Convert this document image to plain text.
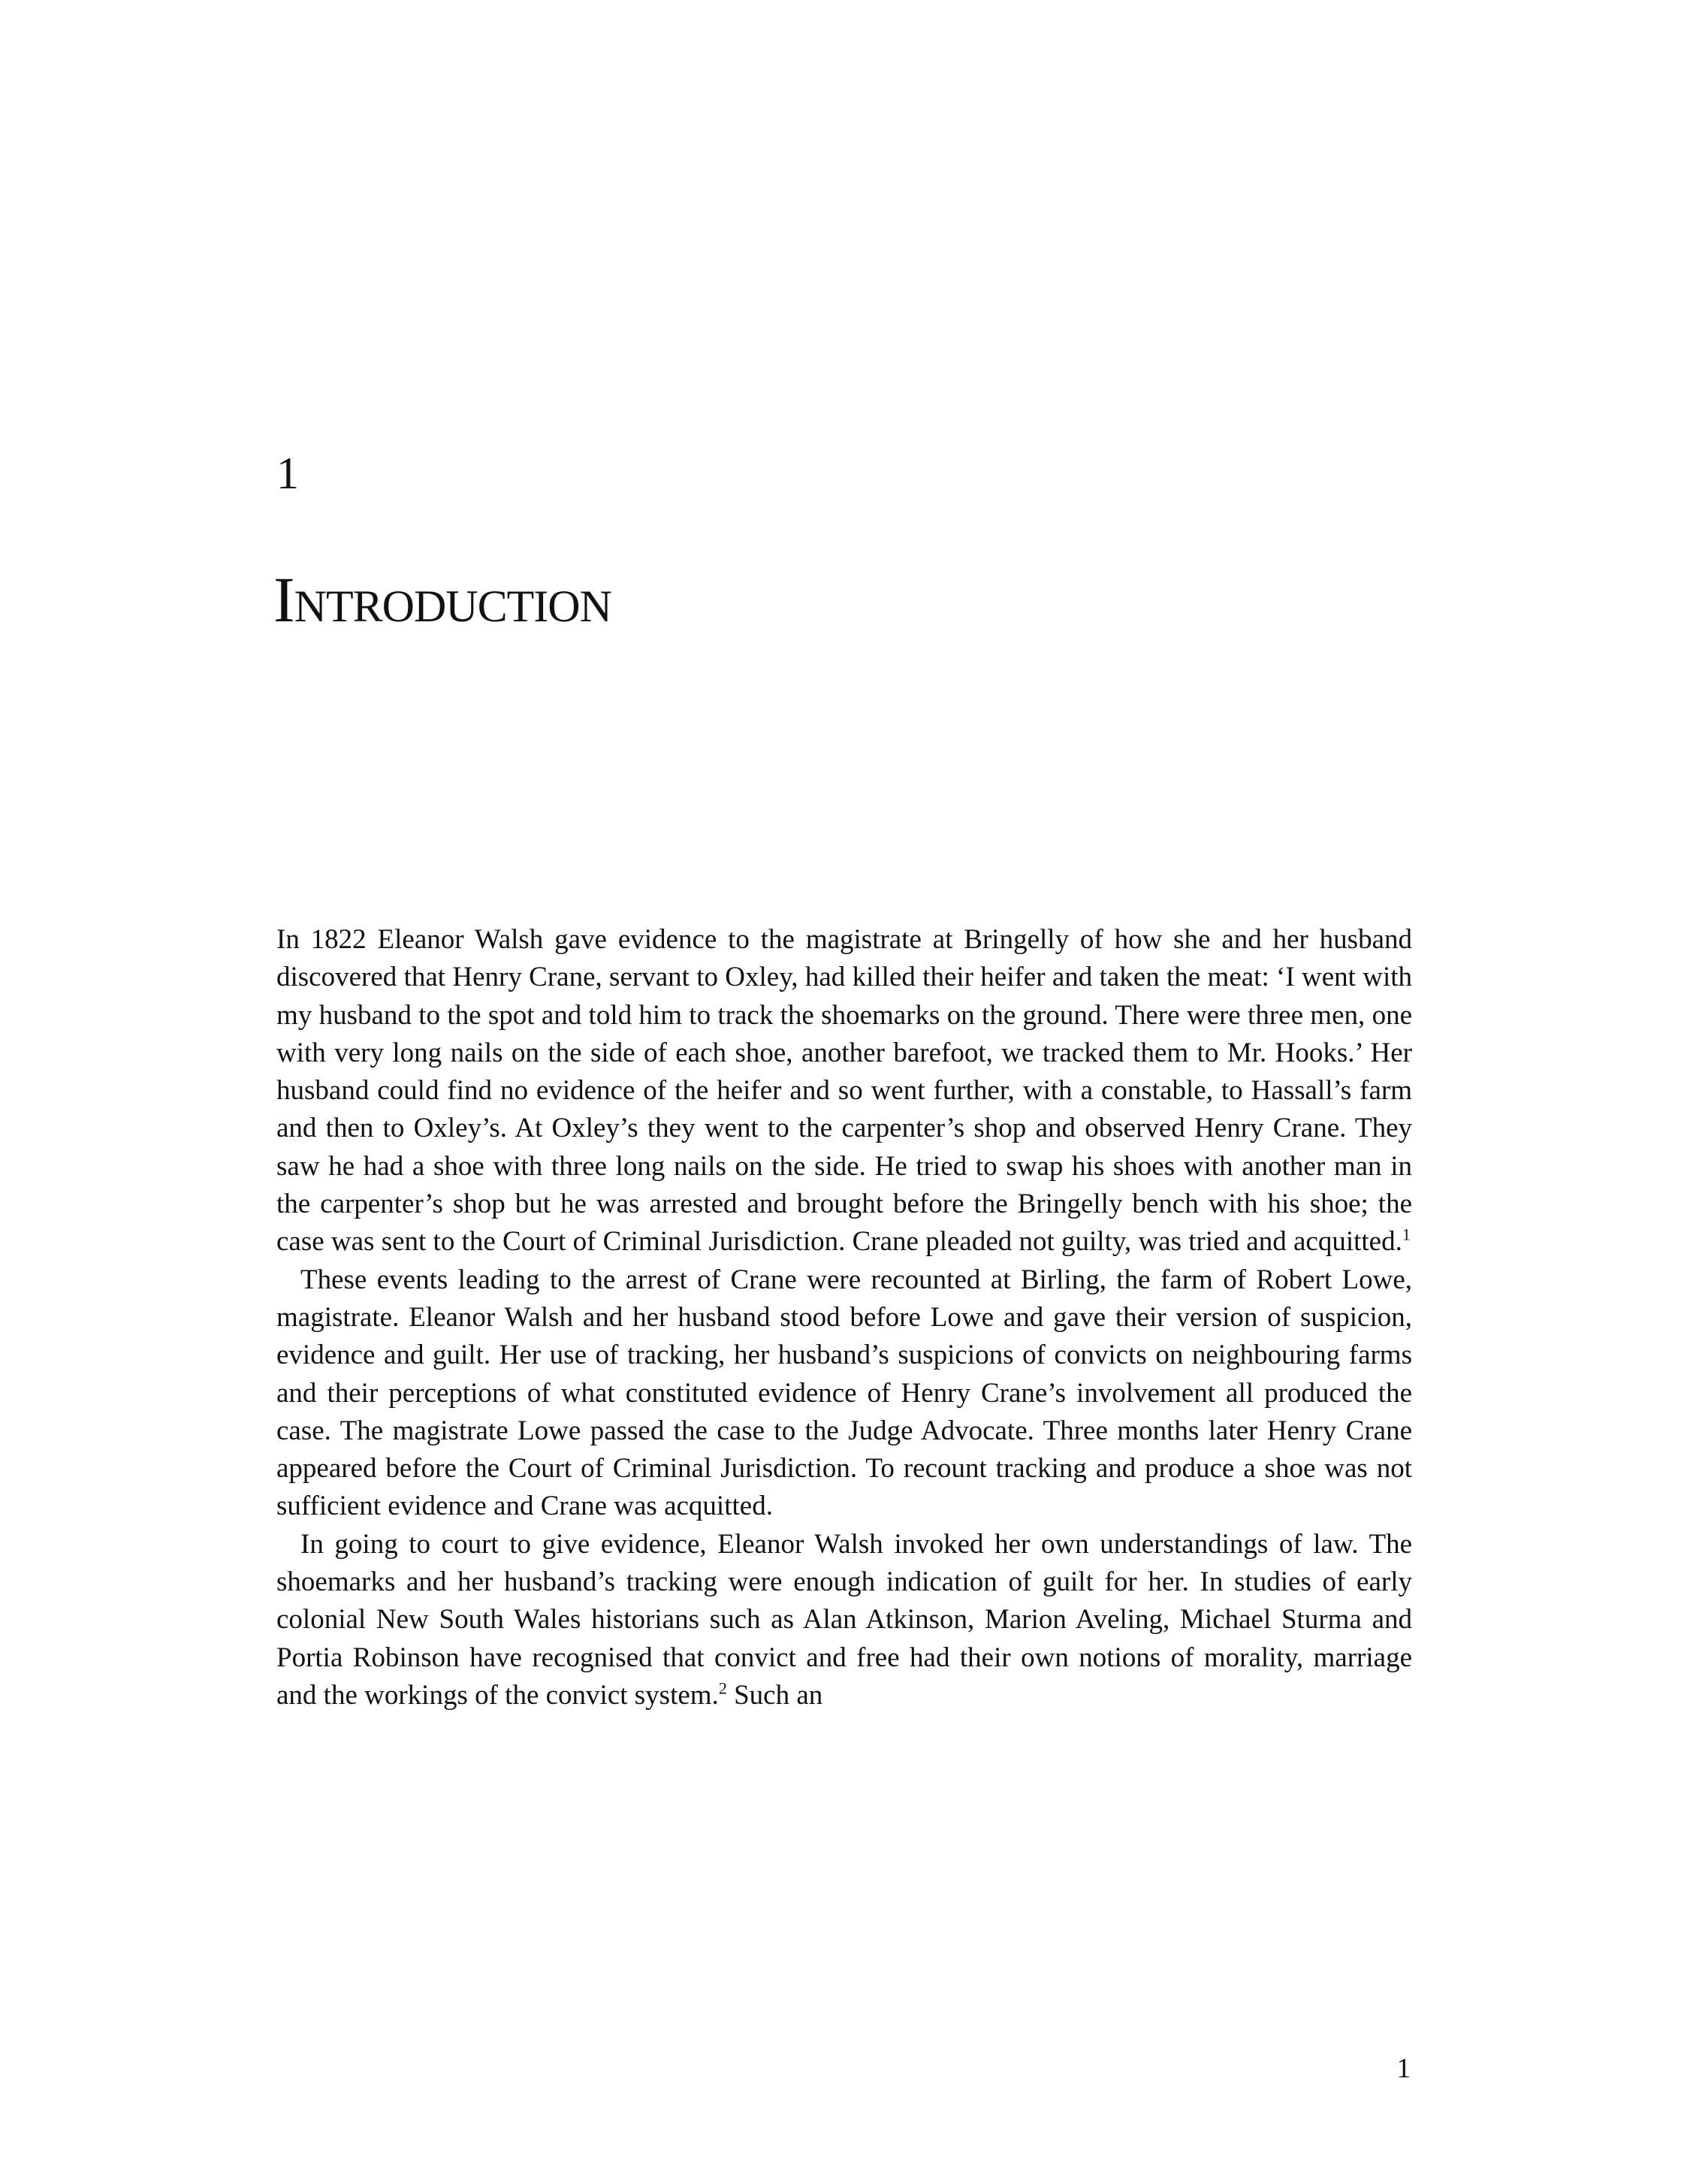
1
Introduction

In 1822 Eleanor Walsh gave evidence to the magistrate at Bringelly of how she and her husband discovered that Henry Crane, servant to Oxley, had killed their heifer and taken the meat: ‘I went with my husband to the spot and told him to track the shoemarks on the ground. There were three men, one with very long nails on the side of each shoe, another barefoot, we tracked them to Mr. Hooks.’ Her husband could find no evidence of the heifer and so went further, with a constable, to Hassall’s farm and then to Oxley’s. At Oxley’s they went to the carpenter’s shop and observed Henry Crane. They saw he had a shoe with three long nails on the side. He tried to swap his shoes with another man in the carpenter’s shop but he was arrested and brought before the Bringelly bench with his shoe; the case was sent to the Court of Criminal Jurisdiction. Crane pleaded not guilty, was tried and acquitted.$^1$

These events leading to the arrest of Crane were recounted at Birling, the farm of Robert Lowe, magistrate. Eleanor Walsh and her husband stood before Lowe and gave their version of suspicion, evidence and guilt. Her use of tracking, her husband’s suspicions of convicts on neighbouring farms and their perceptions of what constituted evidence of Henry Crane’s involvement all produced the case. The magistrate Lowe passed the case to the Judge Advocate. Three months later Henry Crane appeared before the Court of Criminal Jurisdiction. To recount tracking and produce a shoe was not sufficient evidence and Crane was acquitted.

In going to court to give evidence, Eleanor Walsh invoked her own understandings of law. The shoemarks and her husband’s tracking were enough indication of guilt for her. In studies of early colonial New South Wales historians such as Alan Atkinson, Marion Aveling, Michael Sturma and Portia Robinson have recognised that convict and free had their own notions of morality, marriage and the workings of the convict system.$^2$ Such an

1
